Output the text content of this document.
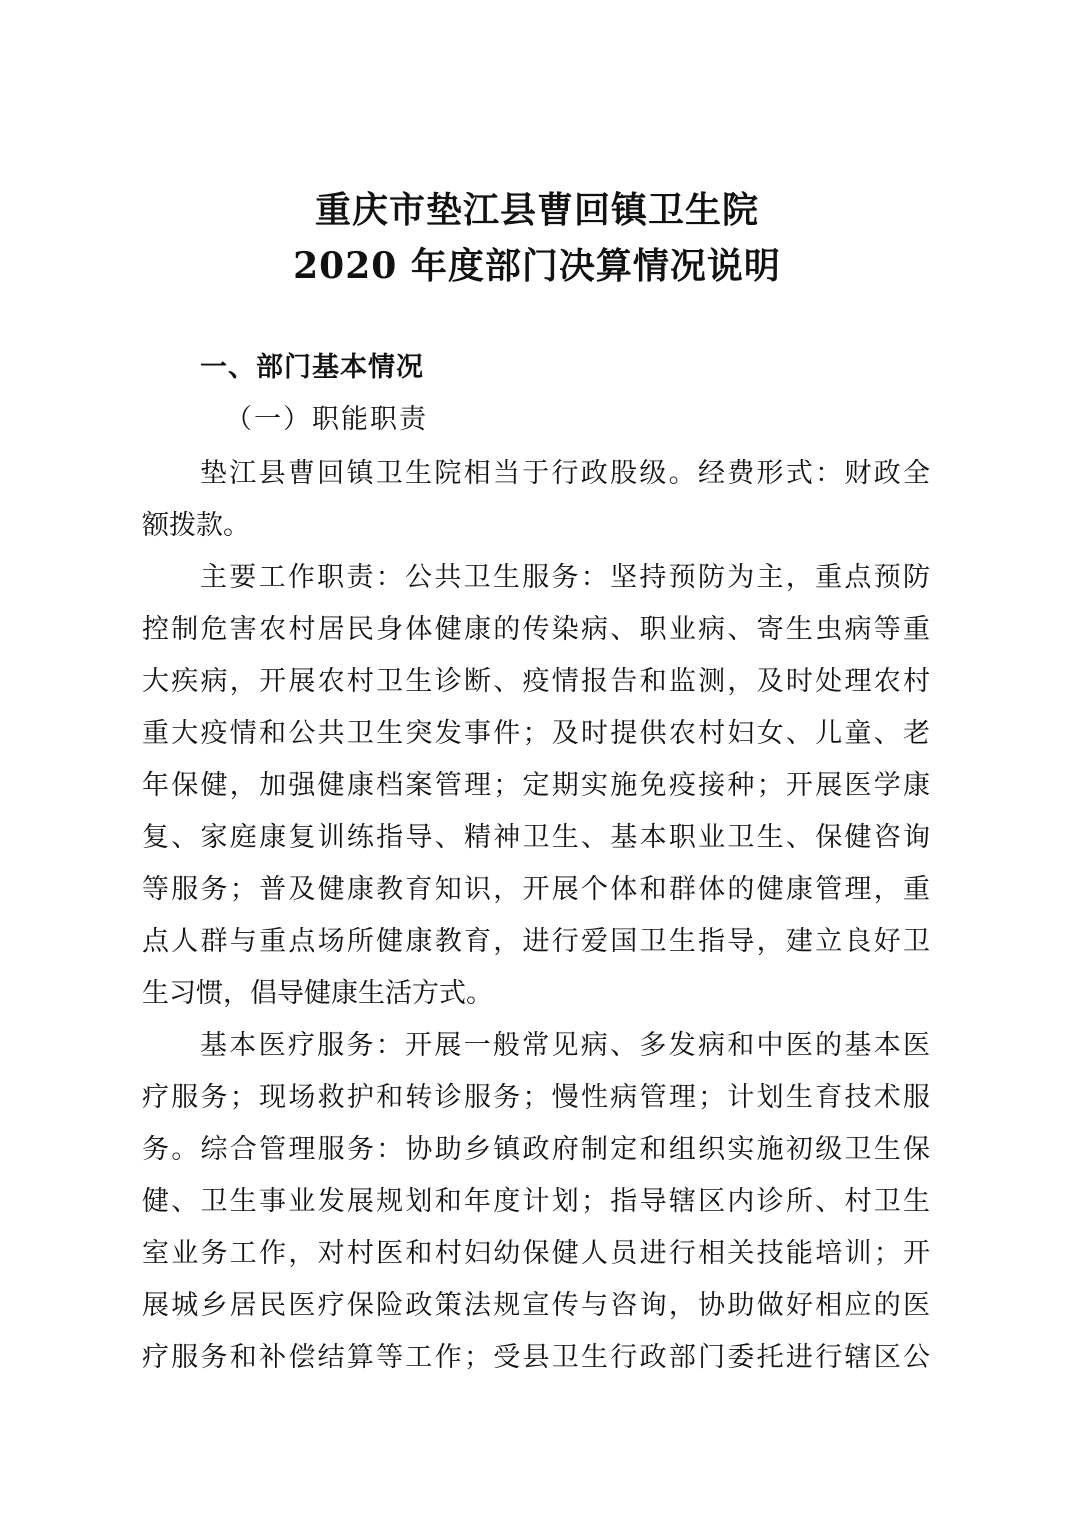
重庆市垫江县曹回镇卫生院
2020 年度部门决算情况说明
一、部门基本情况
（一）职能职责
垫江县曹回镇卫生院相当于行政股级。经费形式：财政全
额拨款。
主要工作职责：公共卫生服务：坚持预防为主，重点预防
控制危害农村居民身体健康的传染病、职业病、寄生虫病等重
大疾病，开展农村卫生诊断、疫情报告和监测，及时处理农村
重大疫情和公共卫生突发事件；及时提供农村妇女、儿童、老
年保健，加强健康档案管理；定期实施免疫接种；开展医学康
复、家庭康复训练指导、精神卫生、基本职业卫生、保健咨询
等服务；普及健康教育知识，开展个体和群体的健康管理，重
点人群与重点场所健康教育，进行爱国卫生指导，建立良好卫
生习惯，倡导健康生活方式。
基本医疗服务：开展一般常见病、多发病和中医的基本医
疗服务；现场救护和转诊服务；慢性病管理；计划生育技术服
务。综合管理服务：协助乡镇政府制定和组织实施初级卫生保
健、卫生事业发展规划和年度计划；指导辖区内诊所、村卫生
室业务工作，对村医和村妇幼保健人员进行相关技能培训；开
展城乡居民医疗保险政策法规宣传与咨询，协助做好相应的医
疗服务和补偿结算等工作；受县卫生行政部门委托进行辖区公
